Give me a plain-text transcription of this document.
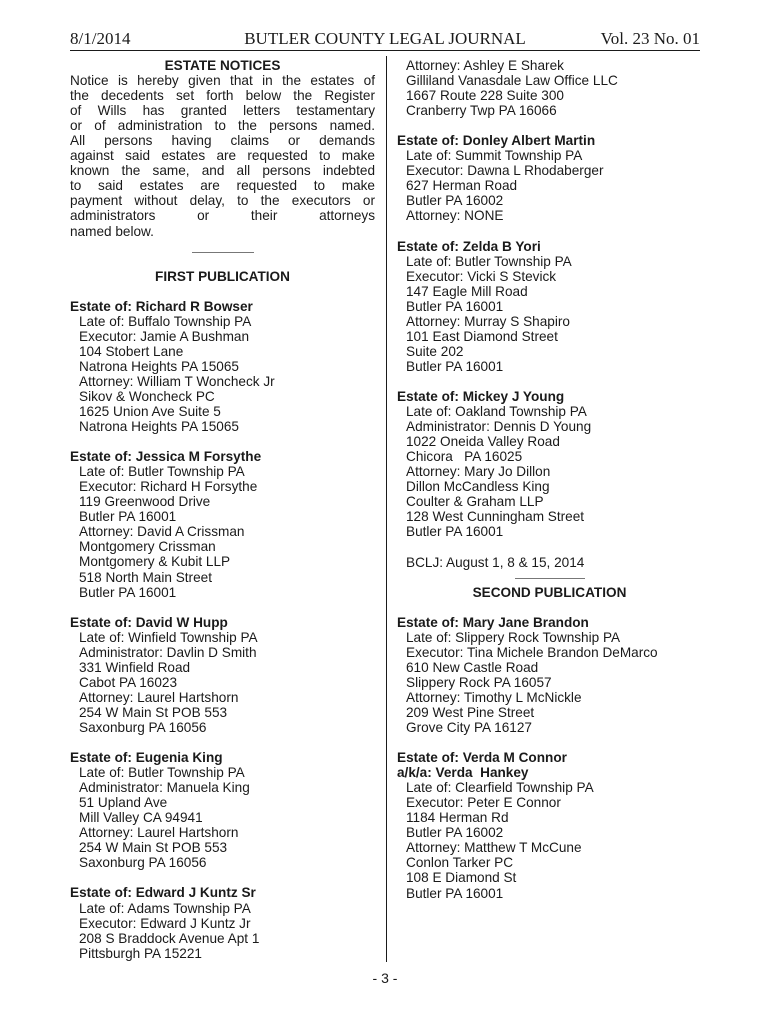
8/1/2014	BUTLER COUNTY LEGAL JOURNAL	Vol. 23 No. 01
ESTATE NOTICES
Notice is hereby given that in the estates of
the decedents set forth below the Register
of Wills has granted letters testamentary
or of administration to the persons named.
All persons having claims or demands
against said estates are requested to make
known the same, and all persons indebted
to said estates are requested to make
payment without delay, to the executors or
administrators or their attorneys
named below.
FIRST PUBLICATION
Estate of: Richard R Bowser
Late of: Buffalo Township PA
Executor: Jamie A Bushman
104 Stobert Lane
Natrona Heights PA 15065
Attorney: William T Woncheck Jr
Sikov & Woncheck PC
1625 Union Ave Suite 5
Natrona Heights PA 15065
Estate of: Jessica M Forsythe
Late of: Butler Township PA
Executor: Richard H Forsythe
119 Greenwood Drive
Butler PA 16001
Attorney: David A Crissman
Montgomery Crissman
Montgomery & Kubit LLP
518 North Main Street
Butler PA 16001
Estate of: David W Hupp
Late of: Winfield Township PA
Administrator: Davlin D Smith
331 Winfield Road
Cabot PA 16023
Attorney: Laurel Hartshorn
254 W Main St POB 553
Saxonburg PA 16056
Estate of: Eugenia King
Late of: Butler Township PA
Administrator: Manuela King
51 Upland Ave
Mill Valley CA 94941
Attorney: Laurel Hartshorn
254 W Main St POB 553
Saxonburg PA 16056
Estate of: Edward J Kuntz Sr
Late of: Adams Township PA
Executor: Edward J Kuntz Jr
208 S Braddock Avenue Apt 1
Pittsburgh PA 15221
Attorney: Ashley E Sharek
Gilliland Vanasdale Law Office LLC
1667 Route 228 Suite 300
Cranberry Twp PA 16066
Estate of: Donley Albert Martin
Late of: Summit Township PA
Executor: Dawna L Rhodaberger
627 Herman Road
Butler PA 16002
Attorney: NONE
Estate of: Zelda B Yori
Late of: Butler Township PA
Executor: Vicki S Stevick
147 Eagle Mill Road
Butler PA 16001
Attorney: Murray S Shapiro
101 East Diamond Street
Suite 202
Butler PA 16001
Estate of: Mickey J Young
Late of: Oakland Township PA
Administrator: Dennis D Young
1022 Oneida Valley Road
Chicora   PA 16025
Attorney: Mary Jo Dillon
Dillon McCandless King
Coulter & Graham LLP
128 West Cunningham Street
Butler PA 16001
BCLJ: August 1, 8 & 15, 2014
SECOND PUBLICATION
Estate of: Mary Jane Brandon
Late of: Slippery Rock Township PA
Executor: Tina Michele Brandon DeMarco
610 New Castle Road
Slippery Rock PA 16057
Attorney: Timothy L McNickle
209 West Pine Street
Grove City PA 16127
Estate of: Verda M Connor
a/k/a: Verda  Hankey
Late of: Clearfield Township PA
Executor: Peter E Connor
1184 Herman Rd
Butler PA 16002
Attorney: Matthew T McCune
Conlon Tarker PC
108 E Diamond St
Butler PA 16001
- 3 -
